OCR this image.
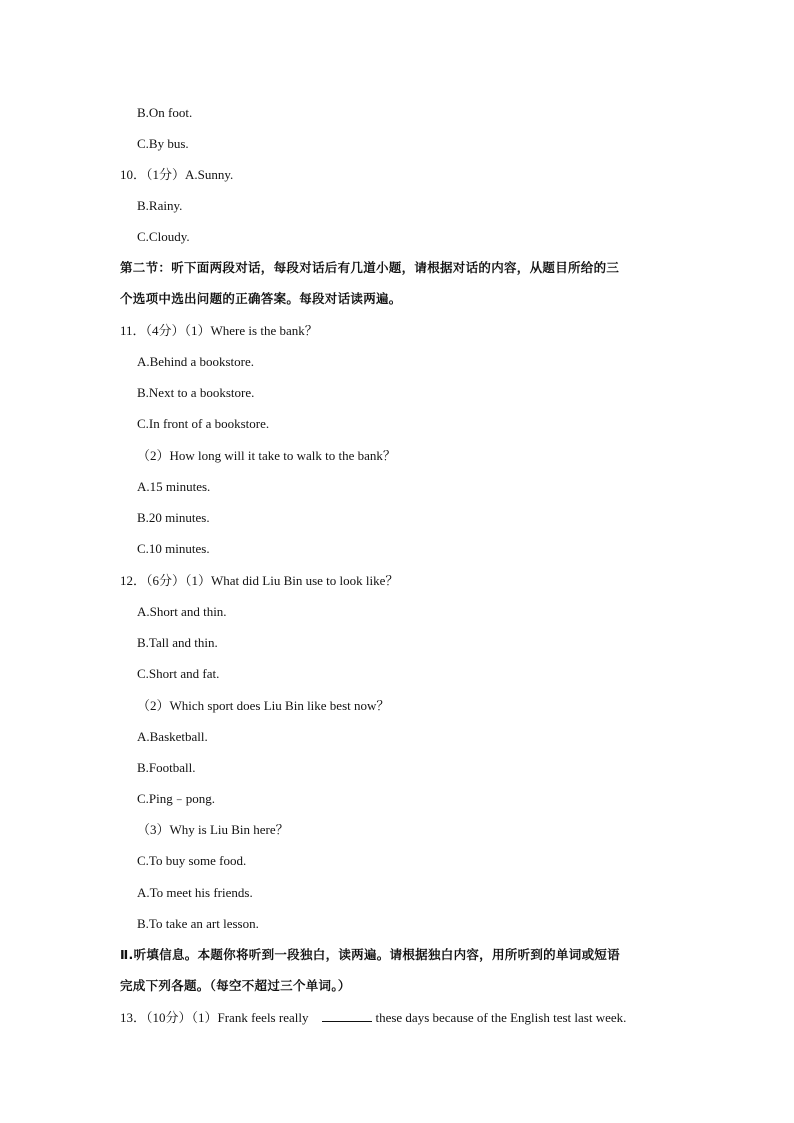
B.On foot.
C.By bus.
10．（1分）A.Sunny.
B.Rainy.
C.Cloudy.
第二节：听下面两段对话，每段对话后有几道小题，请根据对话的内容，从题目所给的三
个选项中选出问题的正确答案。每段对话读两遍。
11．（4分）（1）Where is the bank？
A.Behind a bookstore.
B.Next to a bookstore.
C.In front of a bookstore.
（2）How long will it take to walk to the bank？
A.15 minutes.
B.20 minutes.
C.10 minutes.
12．（6分）（1）What did Liu Bin use to look like？
A.Short and thin.
B.Tall and thin.
C.Short and fat.
（2）Which sport does Liu Bin like best now？
A.Basketball.
B.Football.
C.Ping﹣pong.
（3）Why is Liu Bin here？
C.To buy some food.
A.To meet his friends.
B.To take an art lesson.
Ⅱ.听填信息。本题你将听到一段独白，读两遍。请根据独白内容，用所听到的单词或短语
完成下列各题。（每空不超过三个单词。）
13．（10分）（1）Frank feels really	these days because of the English test last week.
